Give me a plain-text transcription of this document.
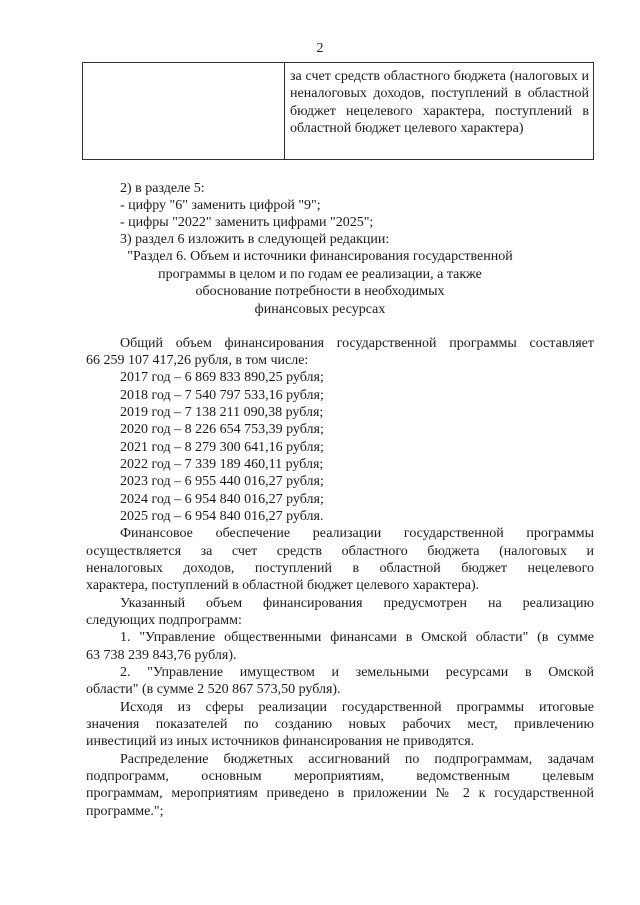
2
за счет средств областного бюджета (налоговых и неналоговых доходов, поступлений в областной бюджет нецелевого характера, поступлений в областной бюджет целевого характера)
2) в разделе 5:
- цифру "6" заменить цифрой "9";
- цифры "2022" заменить цифрами "2025";
3) раздел 6 изложить в следующей редакции:
"Раздел 6. Объем и источники финансирования государственной
программы в целом и по годам ее реализации, а также
обоснование потребности в необходимых
финансовых ресурсах
Общий объем финансирования государственной программы составляет
66 259 107 417,26 рубля, в том числе:
2017 год – 6 869 833 890,25 рубля;
2018 год – 7 540 797 533,16 рубля;
2019 год – 7 138 211 090,38 рубля;
2020 год – 8 226 654 753,39 рубля;
2021 год – 8 279 300 641,16 рубля;
2022 год – 7 339 189 460,11 рубля;
2023 год – 6 955 440 016,27 рубля;
2024 год – 6 954 840 016,27 рубля;
2025 год – 6 954 840 016,27 рубля.
Финансовое обеспечение реализации государственной программы
осуществляется за счет средств областного бюджета (налоговых и
неналоговых доходов, поступлений в областной бюджет нецелевого
характера, поступлений в областной бюджет целевого характера).
Указанный объем финансирования предусмотрен на реализацию
следующих подпрограмм:
1. "Управление общественными финансами в Омской области" (в сумме
63 738 239 843,76 рубля).
2. "Управление имуществом и земельными ресурсами в Омской
области" (в сумме 2 520 867 573,50 рубля).
Исходя из сферы реализации государственной программы итоговые
значения показателей по созданию новых рабочих мест, привлечению
инвестиций из иных источников финансирования не приводятся.
Распределение бюджетных ассигнований по подпрограммам, задачам
подпрограмм, основным мероприятиям, ведомственным целевым
программам, мероприятиям приведено в приложении № 2 к государственной
программе.";
